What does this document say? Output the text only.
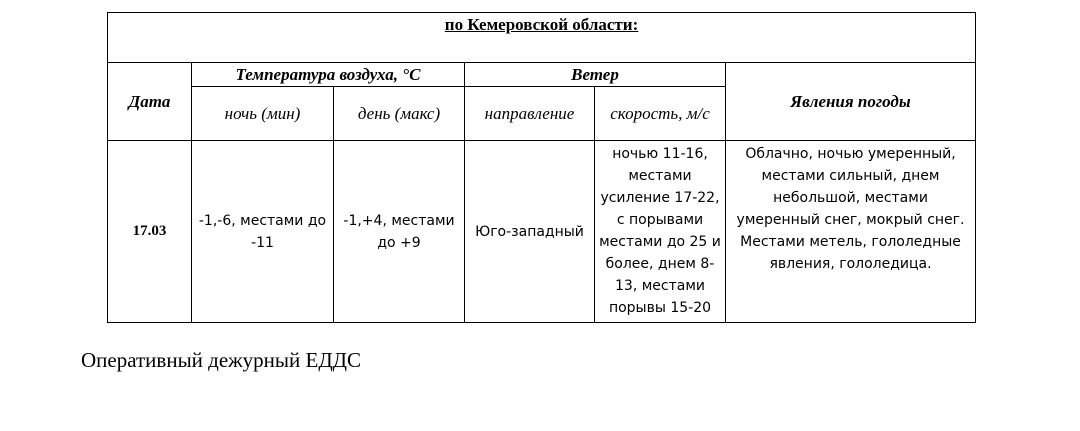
по Кемеровской области:					
Дата	Температура воздуха, °С		Ветер		Явления погоды
	ночь (мин)	день (макс)	направление	скорость, м/с	
17.03	-1,-6, местами до -11	-1,+4, местами до +9	Юго-западный	ночью 11-16, местами усиление 17-22, с порывами местами до 25 и более, днем 8-13, местами порывы 15-20	Облачно, ночью умеренный, местами сильный, днем небольшой, местами умеренный снег, мокрый снег. Местами метель, гололедные явления, гололедица.
Оперативный дежурный ЕДДС
